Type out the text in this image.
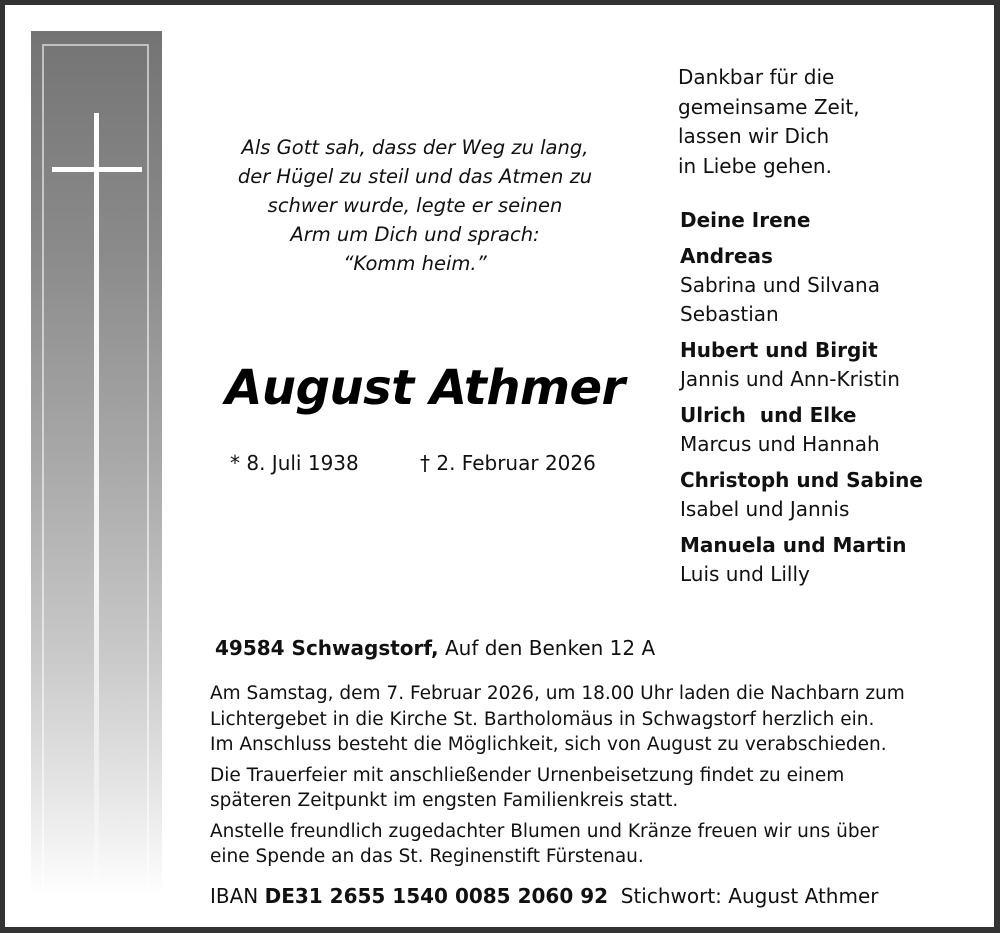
Als Gott sah, dass der Weg zu lang,
der Hügel zu steil und das Atmen zu
schwer wurde, legte er seinen
Arm um Dich und sprach:
“Komm heim.”
August Athmer
* 8. Juli 1938	† 2. Februar 2026
Dankbar für die
gemeinsame Zeit,
lassen wir Dich
in Liebe gehen.
Deine Irene
Andreas
Sabrina und Silvana
Sebastian
Hubert und Birgit
Jannis und Ann-Kristin
Ulrich  und Elke
Marcus und Hannah
Christoph und Sabine
Isabel und Jannis
Manuela und Martin
Luis und Lilly
49584 Schwagstorf, Auf den Benken 12 A

Am Samstag, dem 7. Februar 2026, um 18.00 Uhr laden die Nachbarn zum
Lichtergebet in die Kirche St. Bartholomäus in Schwagstorf herzlich ein.
Im Anschluss besteht die Möglichkeit, sich von August zu verabschieden.

Die Trauerfeier mit anschließender Urnenbeisetzung findet zu einem
späteren Zeitpunkt im engsten Familienkreis statt.

Anstelle freundlich zugedachter Blumen und Kränze freuen wir uns über
eine Spende an das St. Reginenstift Fürstenau.

IBAN DE31 2655 1540 0085 2060 92 Stichwort: August Athmer
